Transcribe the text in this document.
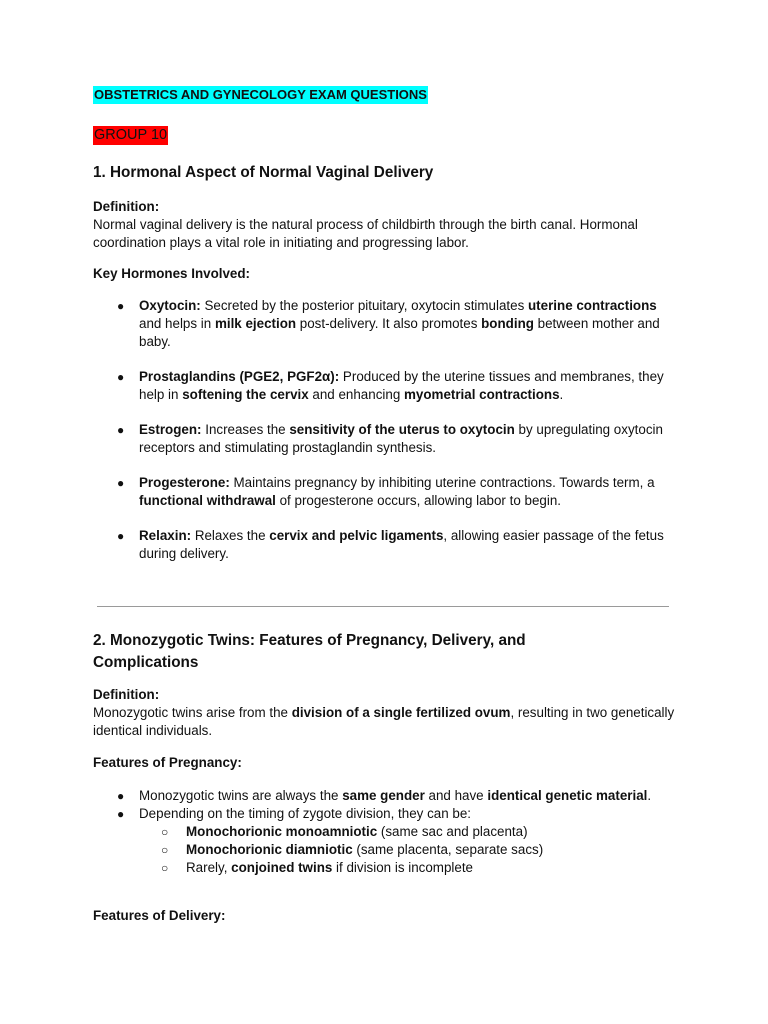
OBSTETRICS AND GYNECOLOGY EXAM QUESTIONS
GROUP 10
1. Hormonal Aspect of Normal Vaginal Delivery
Definition:
Normal vaginal delivery is the natural process of childbirth through the birth canal. Hormonal coordination plays a vital role in initiating and progressing labor.
Key Hormones Involved:
● Oxytocin: Secreted by the posterior pituitary, oxytocin stimulates uterine contractions and helps in milk ejection post-delivery. It also promotes bonding between mother and baby.
● Prostaglandins (PGE2, PGF2α): Produced by the uterine tissues and membranes, they help in softening the cervix and enhancing myometrial contractions.
● Estrogen: Increases the sensitivity of the uterus to oxytocin by upregulating oxytocin receptors and stimulating prostaglandin synthesis.
● Progesterone: Maintains pregnancy by inhibiting uterine contractions. Towards term, a functional withdrawal of progesterone occurs, allowing labor to begin.
● Relaxin: Relaxes the cervix and pelvic ligaments, allowing easier passage of the fetus during delivery.
2. Monozygotic Twins: Features of Pregnancy, Delivery, and Complications
Definition:
Monozygotic twins arise from the division of a single fertilized ovum, resulting in two genetically identical individuals.
Features of Pregnancy:
● Monozygotic twins are always the same gender and have identical genetic material.
● Depending on the timing of zygote division, they can be:
○ Monochorionic monoamniotic (same sac and placenta)
○ Monochorionic diamniotic (same placenta, separate sacs)
○ Rarely, conjoined twins if division is incomplete
Features of Delivery:
